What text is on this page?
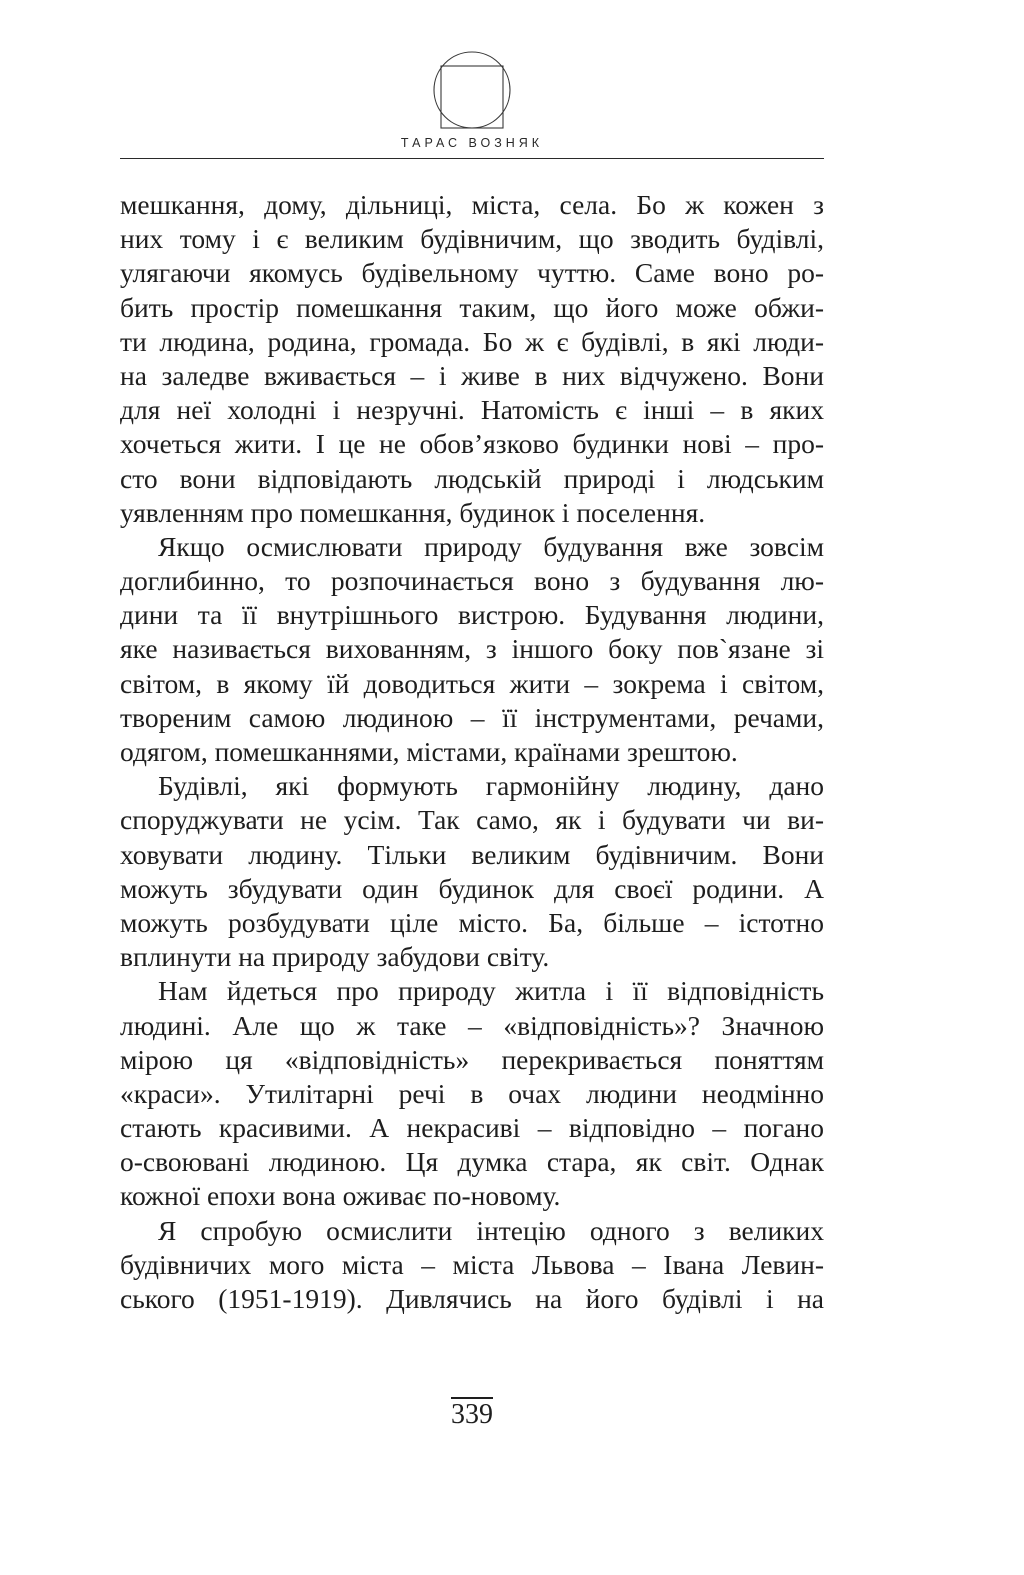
ТАРАС ВОЗНЯК
мешкання, дому, дільниці, міста, села. Бо ж кожен з
них тому і є великим будівничим, що зводить будівлі,
улягаючи якомусь будівельному чуттю. Саме воно ро-
бить простір помешкання таким, що його може обжи-
ти людина, родина, громада. Бо ж є будівлі, в які люди-
на заледве вживається – і живе в них відчужено. Вони
для неї холодні і незручні. Натомість є інші – в яких
хочеться жити. І це не обов’язково будинки нові – про-
сто вони відповідають людській природі і людським
уявленням про помешкання, будинок і поселення.
Якщо осмислювати природу будування вже зовсім
доглибинно, то розпочинається воно з будування лю-
дини та її внутрішнього вистрою. Будування людини,
яке називається вихованням, з іншого боку пов`язане зі
світом, в якому їй доводиться жити – зокрема і світом,
твореним самою людиною – її інструментами, речами,
одягом, помешканнями, містами, країнами зрештою.
Будівлі, які формують гармонійну людину, дано
споруджувати не усім. Так само, як і будувати чи ви-
ховувати людину. Тільки великим будівничим. Вони
можуть збудувати один будинок для своєї родини. А
можуть розбудувати ціле місто. Ба, більше – істотно
вплинути на природу забудови світу.
Нам йдеться про природу житла і її відповідність
людині. Але що ж таке – «відповідність»? Значною
мірою ця «відповідність» перекривається поняттям
«краси». Утилітарні речі в очах людини неодмінно
стають красивими. А некрасиві – відповідно – погано
о-своювані людиною. Ця думка стара, як світ. Однак
кожної епохи вона оживає по-новому.
Я спробую осмислити інтецію одного з великих
будівничих мого міста – міста Львова – Івана Левин-
ського (1951-1919). Дивлячись на його будівлі і на
339
